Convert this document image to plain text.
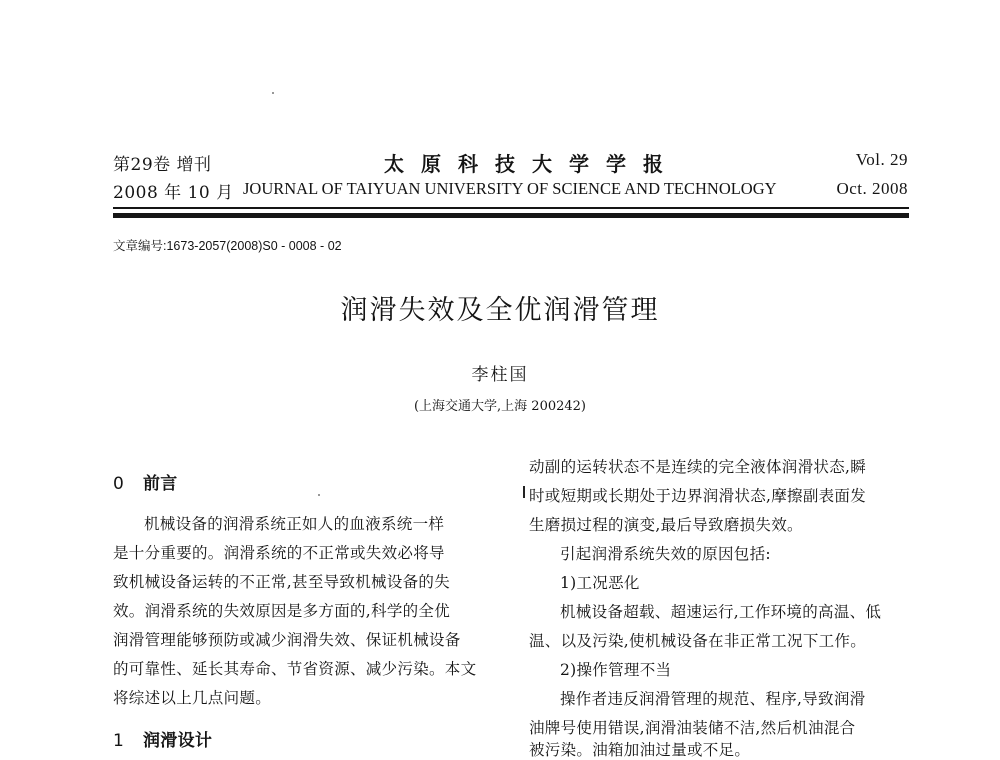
第29卷 增刊	太原科技大学学报	Vol. 29
2008 年 10 月 JOURNAL OF TAIYUAN UNIVERSITY OF SCIENCE AND TECHNOLOGY	Oct. 2008
文章编号:1673-2057(2008)S0 - 0008 - 02
润滑失效及全优润滑管理
李柱国
(上海交通大学,上海 200242)
0 前言
机械设备的润滑系统正如人的血液系统一样
是十分重要的。润滑系统的不正常或失效必将导
致机械设备运转的不正常,甚至导致机械设备的失
效。润滑系统的失效原因是多方面的,科学的全优
润滑管理能够预防或减少润滑失效、保证机械设备
的可靠性、延长其寿命、节省资源、减少污染。本文
将综述以上几点问题。
1 润滑设计
动副的运转状态不是连续的完全液体润滑状态,瞬
时或短期或长期处于边界润滑状态,摩擦副表面发
生磨损过程的演变,最后导致磨损失效。
引起润滑系统失效的原因包括:
1)工况恶化
机械设备超载、超速运行,工作环境的高温、低
温、以及污染,使机械设备在非正常工况下工作。
2)操作管理不当
操作者违反润滑管理的规范、程序,导致润滑
油牌号使用错误,润滑油装储不洁,然后机油混合
被污染。油箱加油过量或不足。
